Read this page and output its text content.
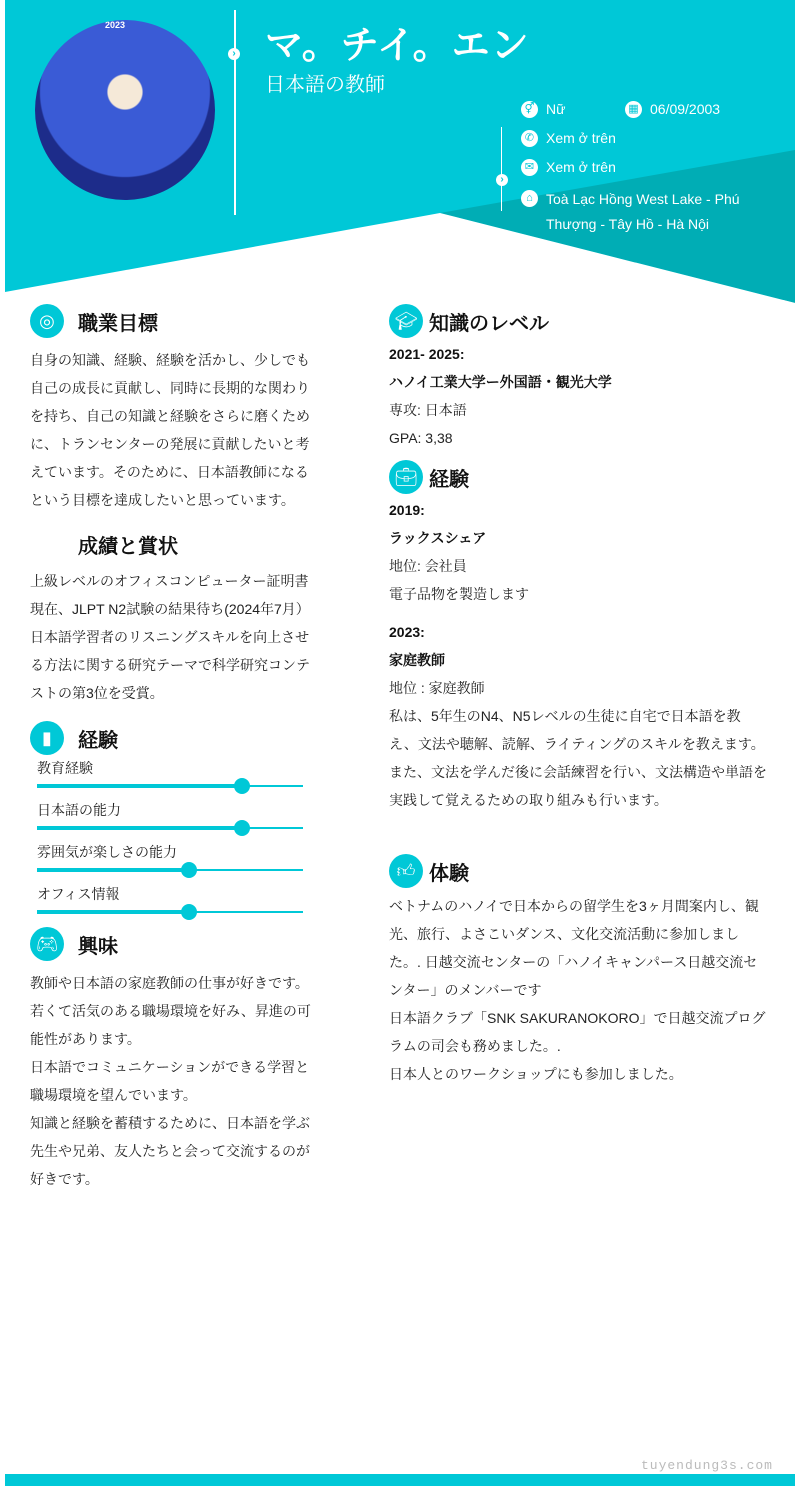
2023
› マ。チイ。エン
日本語の教師
›
⚥ Nữ	▦ 06/09/2003
✆ Xem ở trên
✉ Xem ở trên
⌂ Toà Lạc Hồng West Lake - Phú Thượng - Tây Hồ - Hà Nội
◎	職業目標

自身の知識、経験、経験を活かし、少しでも自己の成長に貢献し、同時に長期的な関わりを持ち、自己の知識と経験をさらに磨くために、トランセンターの発展に貢献したいと考えています。そのために、日本語教師になるという目標を達成したいと思っています。

成績と賞状

上級レベルのオフィスコンピューター証明書

現在、JLPT N2試験の結果待ち(2024年7月）

日本語学習者のリスニングスキルを向上させる方法に関する研究テーマで科学研究コンテストの第3位を受賞。

▮	経験
教育経験
日本語の能力
雰囲気が楽しさの能力
オフィス情報
🎮︎ 興味

教師や日本語の家庭教師の仕事が好きです。若くて活気のある職場環境を好み、昇進の可能性があります。

日本語でコミュニケーションができる学習と職場環境を望んでいます。

知識と経験を蓄積するために、日本語を学ぶ先生や兄弟、友人たちと会って交流するのが好きです。

🎓︎ 知識のレベル

2021- 2025:

ハノイ工業大学ー外国語・観光大学

専攻: 日本語

GPA: 3,38

💼︎ 経験

2019:

ラックスシェア

地位: 会社員

電子品物を製造します

2023:

家庭教師

地位 : 家庭教師

私は、5年生のN4、N5レベルの生徒に自宅で日本語を教え、文法や聴解、読解、ライティングのスキルを教えます。また、文法を学んだ後に会話練習を行い、文法構造や単語を実践して覚えるための取り組みも行います。

👍︎ 体験

ベトナムのハノイで日本からの留学生を3ヶ月間案内し、観光、旅行、よさこいダンス、文化交流活動に参加しました。. 日越交流センターの「ハノイキャンパース日越交流センター」のメンバーです

日本語クラブ「SNK SAKURANOKORO」で日越交流プログラムの司会も務めました。.

日本人とのワークショップにも参加しました。

tuyendung3s.com
